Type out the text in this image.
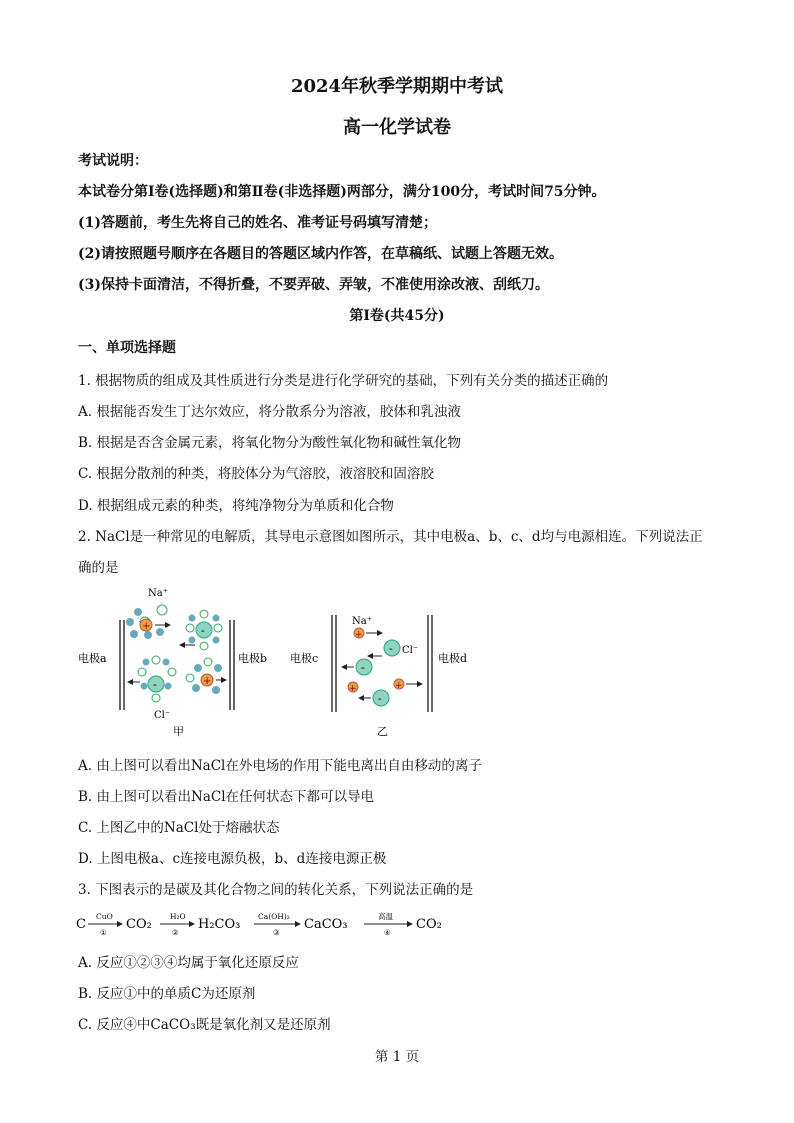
2024年秋季学期期中考试
高一化学试卷
考试说明：
本试卷分第Ⅰ卷(选择题)和第Ⅱ卷(非选择题)两部分，满分100分，考试时间75分钟。
(1)答题前，考生先将自己的姓名、准考证号码填写清楚；
(2)请按照题号顺序在各题目的答题区域内作答，在草稿纸、试题上答题无效。
(3)保持卡面清洁，不得折叠，不要弄破、弄皱，不准使用涂改液、刮纸刀。
第Ⅰ卷(共45分)
一、单项选择题
1. 根据物质的组成及其性质进行分类是进行化学研究的基础，下列有关分类的描述正确的
A. 根据能否发生丁达尔效应，将分散系分为溶液，胶体和乳浊液
B. 根据是否含金属元素，将氧化物分为酸性氧化物和碱性氧化物
C. 根据分散剂的种类，将胶体分为气溶胶，液溶胶和固溶胶
D. 根据组成元素的种类，将纯净物分为单质和化合物
2. NaCl是一种常见的电解质，其导电示意图如图所示，其中电极a、b、c、d均与电源相连。下列说法正
确的是
电极a	电极b
Na⁺
Cl⁻
甲
+	-
-	+
电极c	电极d
Na⁺
Cl⁻
乙
+
-
-
+
-
+
A. 由上图可以看出NaCl在外电场的作用下能电离出自由移动的离子
B. 由上图可以看出NaCl在任何状态下都可以导电
C. 上图乙中的NaCl处于熔融状态
D. 上图电极a、c连接电源负极，b、d连接电源正极
3. 下图表示的是碳及其化合物之间的转化关系，下列说法正确的是
C
CuO
①
CO₂
H₂O
②
H₂CO₃
Ca(OH)₂
③
CaCO₃
高温
④
CO₂
A. 反应①②③④均属于氧化还原反应
B. 反应①中的单质C为还原剂
C. 反应④中CaCO₃既是氧化剂又是还原剂
第 1 页
